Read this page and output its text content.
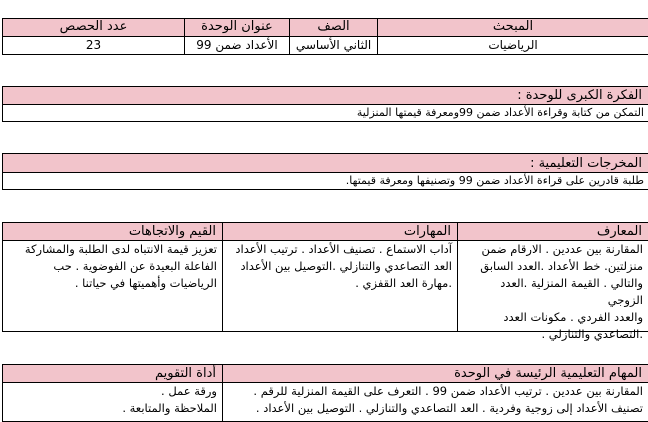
المبحث
الصف
عنوان الوحدة
عدد الحصص
الرياضيات
الثاني الأساسي
الأعداد ضمن 99
23
الفكرة الكبرى للوحدة :
التمكن من كتابة وقراءة الأعداد ضمن 99ومعرفة قيمتها المنزلية
المخرجات التعليمية :
طلبة قادرين على قراءة الأعداد ضمن 99 وتصنيفها ومعرفة قيمتها.
المعارف
المهارات
القيم والاتجاهات
المقارنة بين عددين . الارقام ضمن
منزلتين. خط الأعداد .العدد السابق
والتالي . القيمة المنزلية .العدد الزوجي
والعدد الفردي . مكونات العدد
.التصاعدي والتنازلي .
آداب الاستماع . تصنيف الأعداد . ترتيب الأعداد
العد التصاعدي والتنازلي .التوصيل بين الأعداد
.مهارة العد القفزي .
تعزيز قيمة الانتباه لدى الطلبة والمشاركة
الفاعلة البعيدة عن الفوضوية . حب
الرياضيات وأهميتها في حياتنا .
المهام التعليمية الرئيسة في الوحدة
أداة التقويم
المقارنة بين عددين . ترتيب الأعداد ضمن 99 . التعرف على القيمة المنزلية للرقم .
تصنيف الأعداد إلى زوجية وفردية . العد التصاعدي والتنازلي . التوصيل بين الأعداد .
ورقة عمل .
الملاحظة والمتابعة .
